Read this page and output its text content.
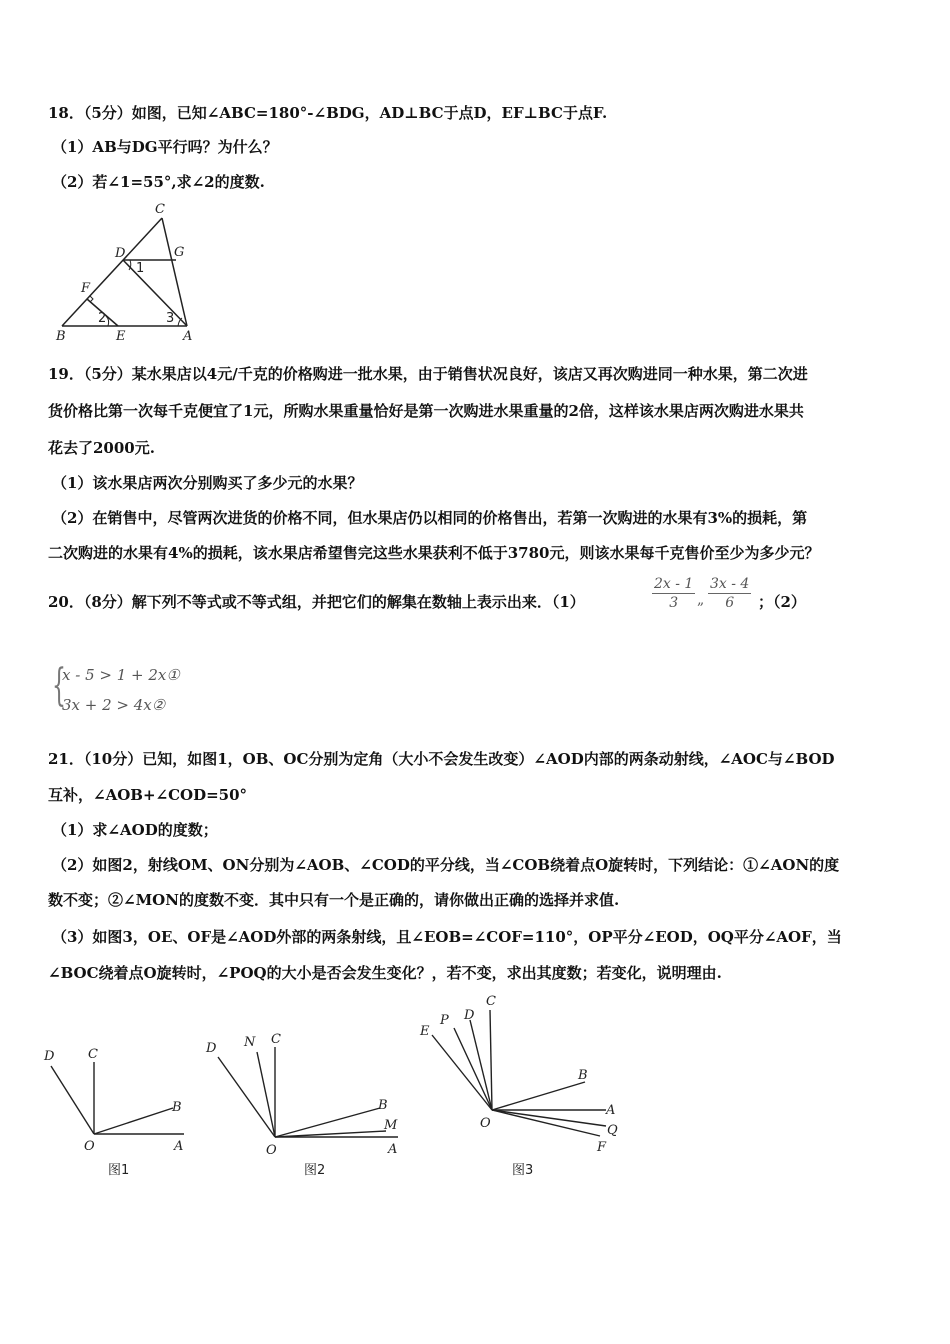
18．（5分）如图，已知∠ABC=180°-∠BDG，AD⊥BC于点D，EF⊥BC于点F.
（1）AB与DG平行吗？为什么？
（2）若∠1=55°,求∠2的度数.
C
D	G
1
F
2	3
B	E	A
19．（5分）某水果店以4元/千克的价格购进一批水果，由于销售状况良好，该店又再次购进同一种水果，第二次进
货价格比第一次每千克便宜了1元，所购水果重量恰好是第一次购进水果重量的2倍，这样该水果店两次购进水果共
花去了2000元.
（1）该水果店两次分别购买了多少元的水果？
（2）在销售中，尽管两次进货的价格不同，但水果店仍以相同的价格售出，若第一次购进的水果有3%的损耗，第
二次购进的水果有4%的损耗，该水果店希望售完这些水果获利不低于3780元，则该水果每千克售价至少为多少元？
20．（8分）解下列不等式或不等式组，并把它们的解集在数轴上表示出来．（1）
2x - 1
3	„
3x - 4
6	；（2）
{
x - 5 > 1 + 2x①
3x + 2 > 4x②
21．（10分）已知，如图1，OB、OC分别为定角（大小不会发生改变）∠AOD内部的两条动射线，∠AOC与∠BOD
互补，∠AOB+∠COD=50°
（1）求∠AOD的度数；
（2）如图2，射线OM、ON分别为∠AOB、∠COD的平分线，当∠COB绕着点O旋转时，下列结论：①∠AON的度
数不变；②∠MON的度数不变．其中只有一个是正确的，请你做出正确的选择并求值.
（3）如图3，OE、OF是∠AOD外部的两条射线，且∠EOB=∠COF=110°，OP平分∠EOD，OQ平分∠AOF，当
∠BOC绕着点O旋转时，∠POQ的大小是否会发生变化？，若不变，求出其度数；若变化，说明理由.
D	C
B
O	A
图1
D N C
B
M
O	A
图2
C
E
P D
B
A
O	Q
F
图3
